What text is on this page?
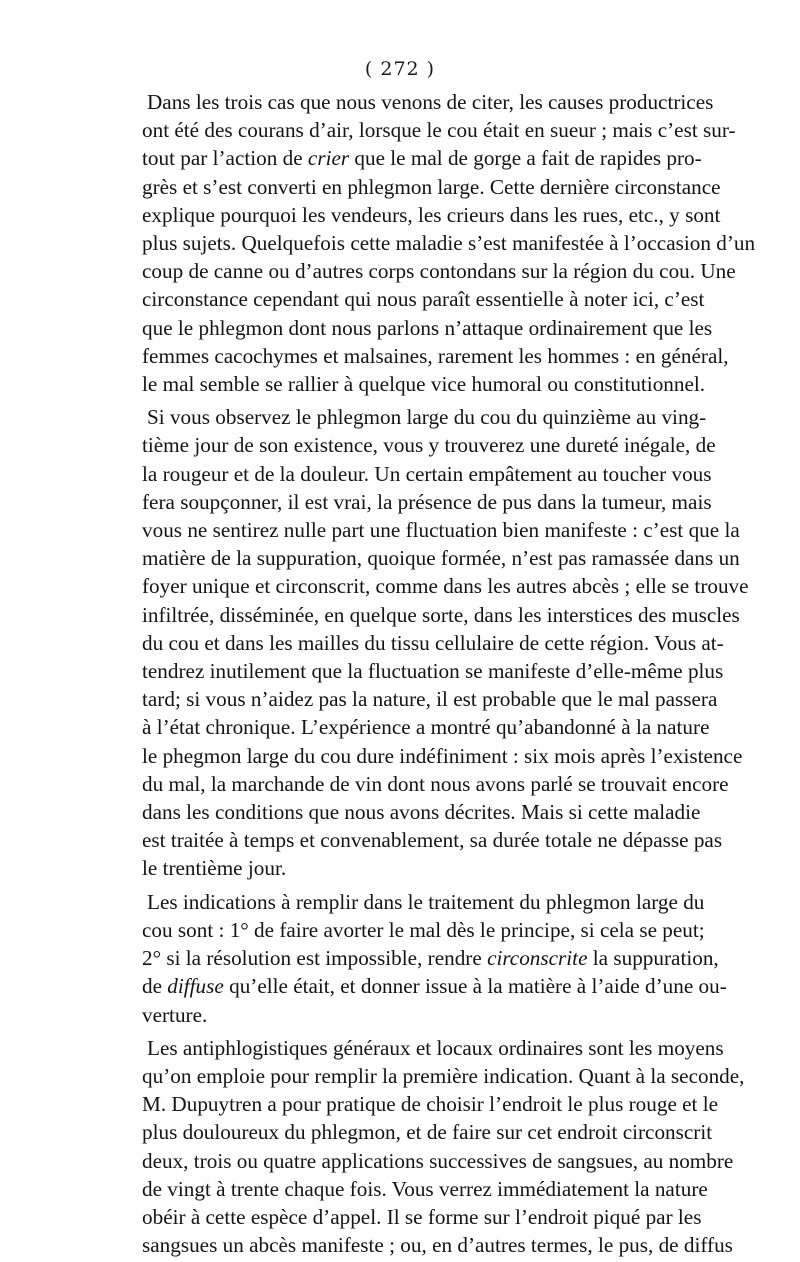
( 272 )
Dans les trois cas que nous venons de citer, les causes productrices
ont été des courans d’air, lorsque le cou était en sueur ; mais c’est sur-
tout par l’action de crier que le mal de gorge a fait de rapides pro-
grès et s’est converti en phlegmon large. Cette dernière circonstance
explique pourquoi les vendeurs, les crieurs dans les rues, etc., y sont
plus sujets. Quelquefois cette maladie s’est manifestée à l’occasion d’un
coup de canne ou d’autres corps contondans sur la région du cou. Une
circonstance cependant qui nous paraît essentielle à noter ici, c’est
que le phlegmon dont nous parlons n’attaque ordinairement que les
femmes cacochymes et malsaines, rarement les hommes : en général,
le mal semble se rallier à quelque vice humoral ou constitutionnel.
Si vous observez le phlegmon large du cou du quinzième au ving-
tième jour de son existence, vous y trouverez une dureté inégale, de
la rougeur et de la douleur. Un certain empâtement au toucher vous
fera soupçonner, il est vrai, la présence de pus dans la tumeur, mais
vous ne sentirez nulle part une fluctuation bien manifeste : c’est que la
matière de la suppuration, quoique formée, n’est pas ramassée dans un
foyer unique et circonscrit, comme dans les autres abcès ; elle se trouve
infiltrée, disséminée, en quelque sorte, dans les interstices des muscles
du cou et dans les mailles du tissu cellulaire de cette région. Vous at-
tendrez inutilement que la fluctuation se manifeste d’elle-même plus
tard; si vous n’aidez pas la nature, il est probable que le mal passera
à l’état chronique. L’expérience a montré qu’abandonné à la nature
le phegmon large du cou dure indéfiniment : six mois après l’existence
du mal, la marchande de vin dont nous avons parlé se trouvait encore
dans les conditions que nous avons décrites. Mais si cette maladie
est traitée à temps et convenablement, sa durée totale ne dépasse pas
le trentième jour.
Les indications à remplir dans le traitement du phlegmon large du
cou sont : 1° de faire avorter le mal dès le principe, si cela se peut;
2° si la résolution est impossible, rendre circonscrite la suppuration,
de diffuse qu’elle était, et donner issue à la matière à l’aide d’une ou-
verture.
Les antiphlogistiques généraux et locaux ordinaires sont les moyens
qu’on emploie pour remplir la première indication. Quant à la seconde,
M. Dupuytren a pour pratique de choisir l’endroit le plus rouge et le
plus douloureux du phlegmon, et de faire sur cet endroit circonscrit
deux, trois ou quatre applications successives de sangsues, au nombre
de vingt à trente chaque fois. Vous verrez immédiatement la nature
obéir à cette espèce d’appel. Il se forme sur l’endroit piqué par les
sangsues un abcès manifeste ; ou, en d’autres termes, le pus, de diffus
